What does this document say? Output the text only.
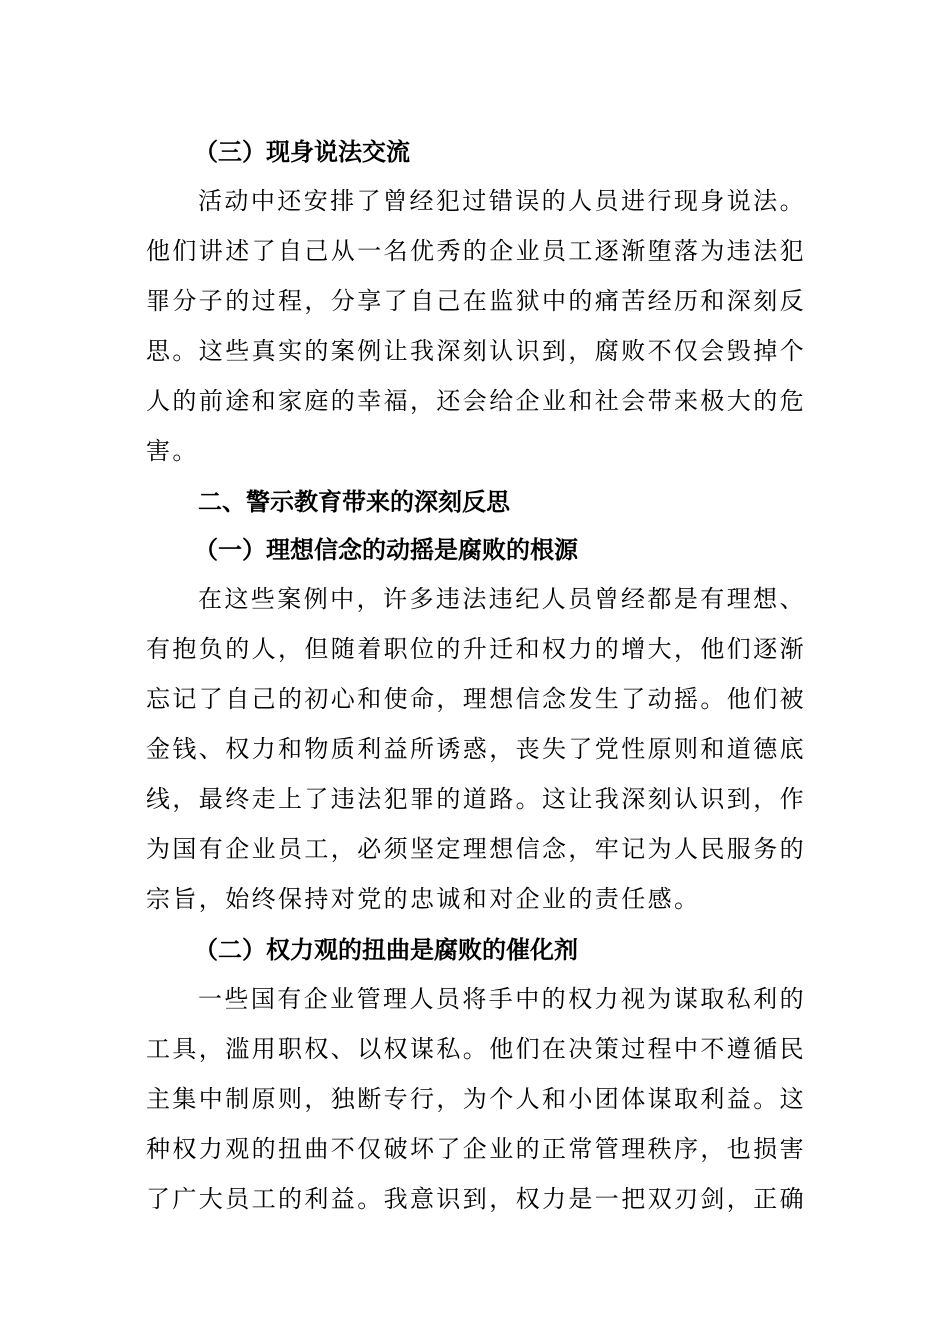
（三）现身说法交流

活动中还安排了曾经犯过错误的人员进行现身说法。他们讲述了自己从一名优秀的企业员工逐渐堕落为违法犯罪分子的过程，分享了自己在监狱中的痛苦经历和深刻反思。这些真实的案例让我深刻认识到，腐败不仅会毁掉个人的前途和家庭的幸福，还会给企业和社会带来极大的危害。

二、警示教育带来的深刻反思
（一）理想信念的动摇是腐败的根源

在这些案例中，许多违法违纪人员曾经都是有理想、有抱负的人，但随着职位的升迁和权力的增大，他们逐渐忘记了自己的初心和使命，理想信念发生了动摇。他们被金钱、权力和物质利益所诱惑，丧失了党性原则和道德底线，最终走上了违法犯罪的道路。这让我深刻认识到，作为国有企业员工，必须坚定理想信念，牢记为人民服务的宗旨，始终保持对党的忠诚和对企业的责任感。

（二）权力观的扭曲是腐败的催化剂

一些国有企业管理人员将手中的权力视为谋取私利的工具，滥用职权、以权谋私。他们在决策过程中不遵循民主集中制原则，独断专行，为个人和小团体谋取利益。这种权力观的扭曲不仅破坏了企业的正常管理秩序，也损害了广大员工的利益。我意识到，权力是一把双刃剑，正确
